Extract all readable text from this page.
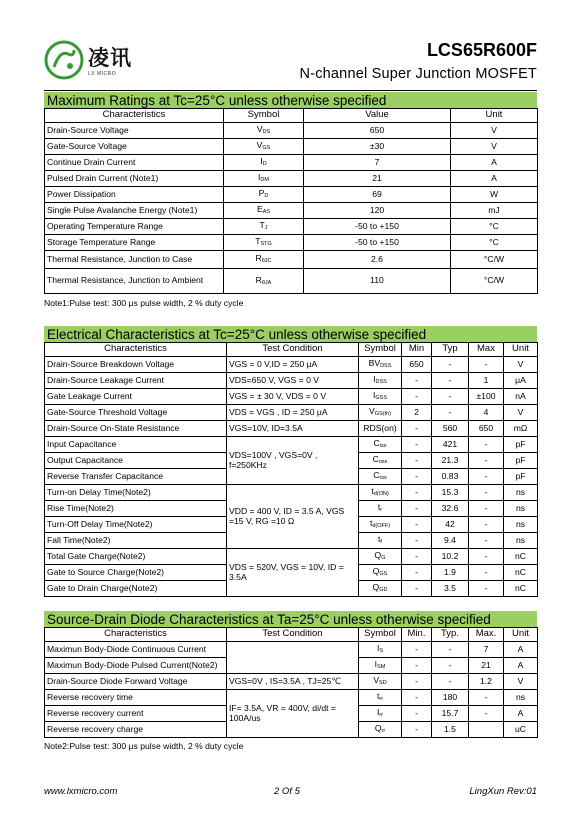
凌讯
LX MICRO
LCS65R600F
N-channel Super Junction MOSFET
Maximum Ratings at Tc=25°C unless otherwise specified
Characteristics	Symbol	Value	Unit
Drain-Source Voltage	$V_{DS}$	650	V
Gate-Source Voltage	$V_{GS}$	±30	V
Continue Drain Current	$I_D$	7	A
Pulsed Drain Current (Note1)	$I_{DM}$	21	A
Power Dissipation	$P_D$	69	W
Single Pulse Avalanche Energy (Note1)	$E_{AS}$	120	mJ
Operating Temperature Range	$T_J$	-50 to +150	°C
Storage Temperature Range	$T_{STG}$	-50 to +150	°C
Thermal Resistance, Junction to Case	$R_{\theta JC}$	2.6	°C/W
Thermal Resistance, Junction to Ambient	$R_{\theta JA}$	110	°C/W
Note1:Pulse test: 300 μs pulse width, 2 % duty cycle
Electrical Characteristics at Tc=25°C unless otherwise specified
Characteristics	Test Condition	Symbol	Min	Typ	Max	Unit
Drain-Source Breakdown Voltage	VGS = 0 V,ID = 250 μA	$BV_{DSS}$	650	-	-	V
Drain-Source Leakage Current	VDS=650 V, VGS = 0 V	$I_{DSS}$	-	-	1	μA
Gate Leakage Current	VGS = ± 30 V, VDS = 0 V	$I_{GSS}$	-	-	±100	nA
Gate-Source Threshold Voltage	VDS = VGS , ID = 250 μA	$V_{GS(th)}$	2	-	4	V
Drain-Source On-State Resistance	VGS=10V, ID=3.5A	RDS(on)	-	560	650	mΩ
Input Capacitance	VDS=100V , VGS=0V , f=250KHz	$C_{iss}$	-	421	-	pF
Output Capacitance		$C_{oss}$	-	21.3	-	pF
Reverse Transfer Capacitance		$C_{rss}$	-	0.83	-	pF
Turn-on Delay Time(Note2)	VDD = 400 V, ID = 3.5 A, VGS =15 V, RG =10 Ω	$t_{d(ON)}$	-	15.3	-	ns
Rise Time(Note2)		$t_r$	-	32.6	-	ns
Turn-Off Delay Time(Note2)		$t_{d(OFF)}$	-	42	-	ns
Fall Time(Note2)		$t_f$	-	9.4	-	ns
Total Gate Charge(Note2)	VDS = 520V, VGS = 10V, ID = 3.5A	$Q_G$	-	10.2	-	nC
Gate to Source Charge(Note2)		$Q_{GS}$	-	1.9	-	nC
Gate to Drain Charge(Note2)		$Q_{GD}$	-	3.5	-	nC
Source-Drain Diode Characteristics at Ta=25°C unless otherwise specified
Characteristics	Test Condition	Symbol	Min.	Typ.	Max.	Unit
Maximun Body-Diode Continuous Current		$I_S$	-	-	7	A
Maximun Body-Diode Pulsed Current(Note2)		$I_{SM}$	-	-	21	A
Drain-Source Diode Forward Voltage	VGS=0V , IS=3.5A , TJ=25℃	$V_{SD}$	-	-	1.2	V
Reverse recovery time	IF= 3.5A, VR = 400V, di/dt = 100A/us	$t_{rr}$	-	180	-	ns
Reverse recovery current		$I_{rr}$	-	15.7	-	A
Reverse recovery charge		$Q_{rr}$	-	1.5		uC
Note2:Pulse test: 300 μs pulse width, 2 % duty cycle
www.lxmicro.com	2 Of 5	LingXun Rev:01
